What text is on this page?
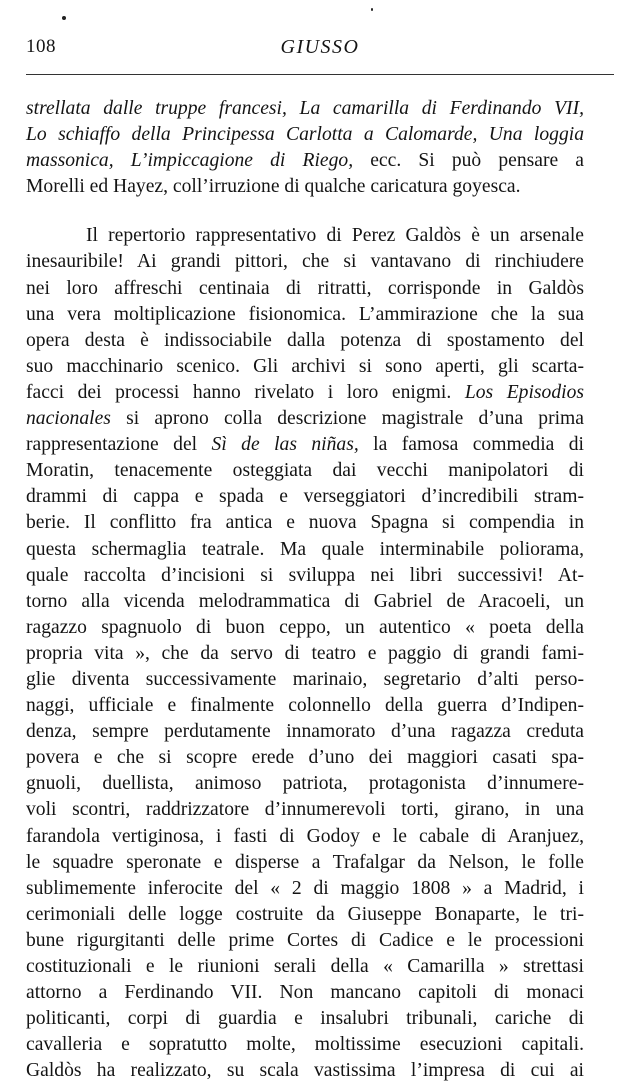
108	GIUSSO
strellata dalle truppe francesi, La camarilla di Ferdinando VII,
Lo schiaffo della Principessa Carlotta a Calomarde, Una loggia
massonica, L’impiccagione di Riego, ecc. Si può pensare a
Morelli ed Hayez, coll’irruzione di qualche caricatura goyesca.
Il repertorio rappresentativo di Perez Galdòs è un arsenale
inesauribile! Ai grandi pittori, che si vantavano di rinchiudere
nei loro affreschi centinaia di ritratti, corrisponde in Galdòs
una vera moltiplicazione fisionomica. L’ammirazione che la sua
opera desta è indissociabile dalla potenza di spostamento del
suo macchinario scenico. Gli archivi si sono aperti, gli scarta-
facci dei processi hanno rivelato i loro enigmi. Los Episodios
nacionales si aprono colla descrizione magistrale d’una prima
rappresentazione del Sì de las niñas, la famosa commedia di
Moratin, tenacemente osteggiata dai vecchi manipolatori di
drammi di cappa e spada e verseggiatori d’incredibili stram-
berie. Il conflitto fra antica e nuova Spagna si compendia in
questa schermaglia teatrale. Ma quale interminabile poliorama,
quale raccolta d’incisioni si sviluppa nei libri successivi! At-
torno alla vicenda melodrammatica di Gabriel de Aracoeli, un
ragazzo spagnuolo di buon ceppo, un autentico « poeta della
propria vita », che da servo di teatro e paggio di grandi fami-
glie diventa successivamente marinaio, segretario d’alti perso-
naggi, ufficiale e finalmente colonnello della guerra d’Indipen-
denza, sempre perdutamente innamorato d’una ragazza creduta
povera e che si scopre erede d’uno dei maggiori casati spa-
gnuoli, duellista, animoso patriota, protagonista d’innumere-
voli scontri, raddrizzatore d’innumerevoli torti, girano, in una
farandola vertiginosa, i fasti di Godoy e le cabale di Aranjuez,
le squadre speronate e disperse a Trafalgar da Nelson, le folle
sublimemente inferocite del « 2 di maggio 1808 » a Madrid, i
cerimoniali delle logge costruite da Giuseppe Bonaparte, le tri-
bune rigurgitanti delle prime Cortes di Cadice e le processioni
costituzionali e le riunioni serali della « Camarilla » strettasi
attorno a Ferdinando VII. Non mancano capitoli di monaci
politicanti, corpi di guardia e insalubri tribunali, cariche di
cavalleria e sopratutto molte, moltissime esecuzioni capitali.
Galdòs ha realizzato, su scala vastissima l’impresa di cui ai
